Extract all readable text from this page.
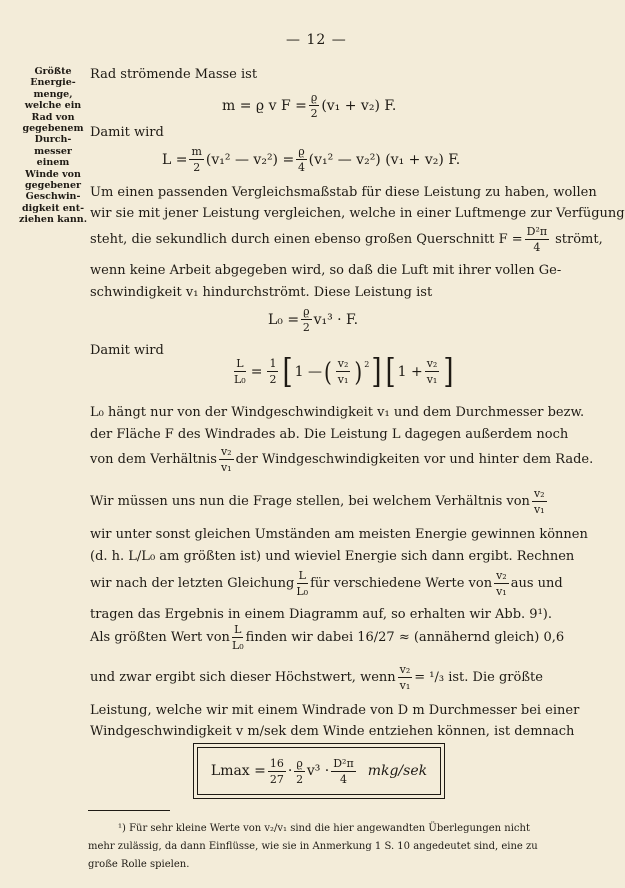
— 12 —
Größte
Energie-
menge,
welche ein
Rad von
gegebenem
Durch-
messer
einem
Winde von
gegebener
Geschwin-
digkeit ent-
ziehen kann.
Rad strömende Masse ist
m = ϱ v $F = \frac{ϱ}{2} (v_1 + v_2)$ F.
Damit wird
$L = \frac{m}{2} (v_1^2$ — $v_2^2) = \frac{ϱ}{4} (v_1^2$ — v₂²) (v₁ + v₂) F.
Um einen passenden Vergleichsmaßstab für diese Leistung zu haben, wollen
wir sie mit jener Leistung vergleichen, welche in einer Luftmenge zur Verfügung
steht, die sekundlich durch einen ebenso großen Querschnitt $F = \frac{\text{D²π}}{4}$ strömt,
wenn keine Arbeit abgegeben wird, so daß die Luft mit ihrer vollen Ge-
schwindigkeit v₁ hindurchströmt. Diese Leistung ist
$L_0 = \frac{ϱ}{2} v_1^3 \cdot F$.
Damit wird
$\frac{L}{\text{L₀}} = \frac{1}{2}$ [ 1 — ( $\frac{\text{v₂}}{\text{v₁}}$ ) 2 ] [ $1 + \frac{\text{v₂}}{\text{v₁}}$ ]
L₀ hängt nur von der Windgeschwindigkeit v₁ und dem Durchmesser bezw.
der Fläche F des Windrades ab. Die Leistung L dagegen außerdem noch
von dem Verhältnis $\frac{\text{v₂}}{\text{v₁}}$ der Windgeschwindigkeiten vor und hinter dem Rade.
Wir müssen uns nun die Frage stellen, bei welchem Verhältnis von $\frac{\text{v₂}}{\text{v₁}}$
wir unter sonst gleichen Umständen am meisten Energie gewinnen können
(d. h. L/L₀ am größten ist) und wieviel Energie sich dann ergibt. Rechnen
wir nach der letzten Gleichung $\frac{L}{\text{L₀}}$ für verschiedene Werte von $\frac{\text{v₂}}{\text{v₁}}$ aus und
tragen das Ergebnis in einem Diagramm auf, so erhalten wir Abb. 9¹).
Als größten Wert von $\frac{L}{\text{L₀}}$ finden wir dabei 16/27 ≈ (annähernd gleich) 0,6
und zwar ergibt sich dieser Höchstwert, wenn $\frac{\text{v₂}}{\text{v₁}} = ^1/_3$ ist. Die größte
Leistung, welche wir mit einem Windrade von D m Durchmesser bei einer
Windgeschwindigkeit v m/sek dem Winde entziehen können, ist demnach
$Lmax = \frac{16}{27} \cdot \frac{ϱ}{2} v^3 \cdot \frac{\text{D²π}}{4} mkg/sek$
¹) Für sehr kleine Werte von v₂/v₁ sind die hier angewandten Überlegungen nicht
mehr zulässig, da dann Einflüsse, wie sie in Anmerkung 1 S. 10 angedeutet sind, eine zu
große Rolle spielen.
